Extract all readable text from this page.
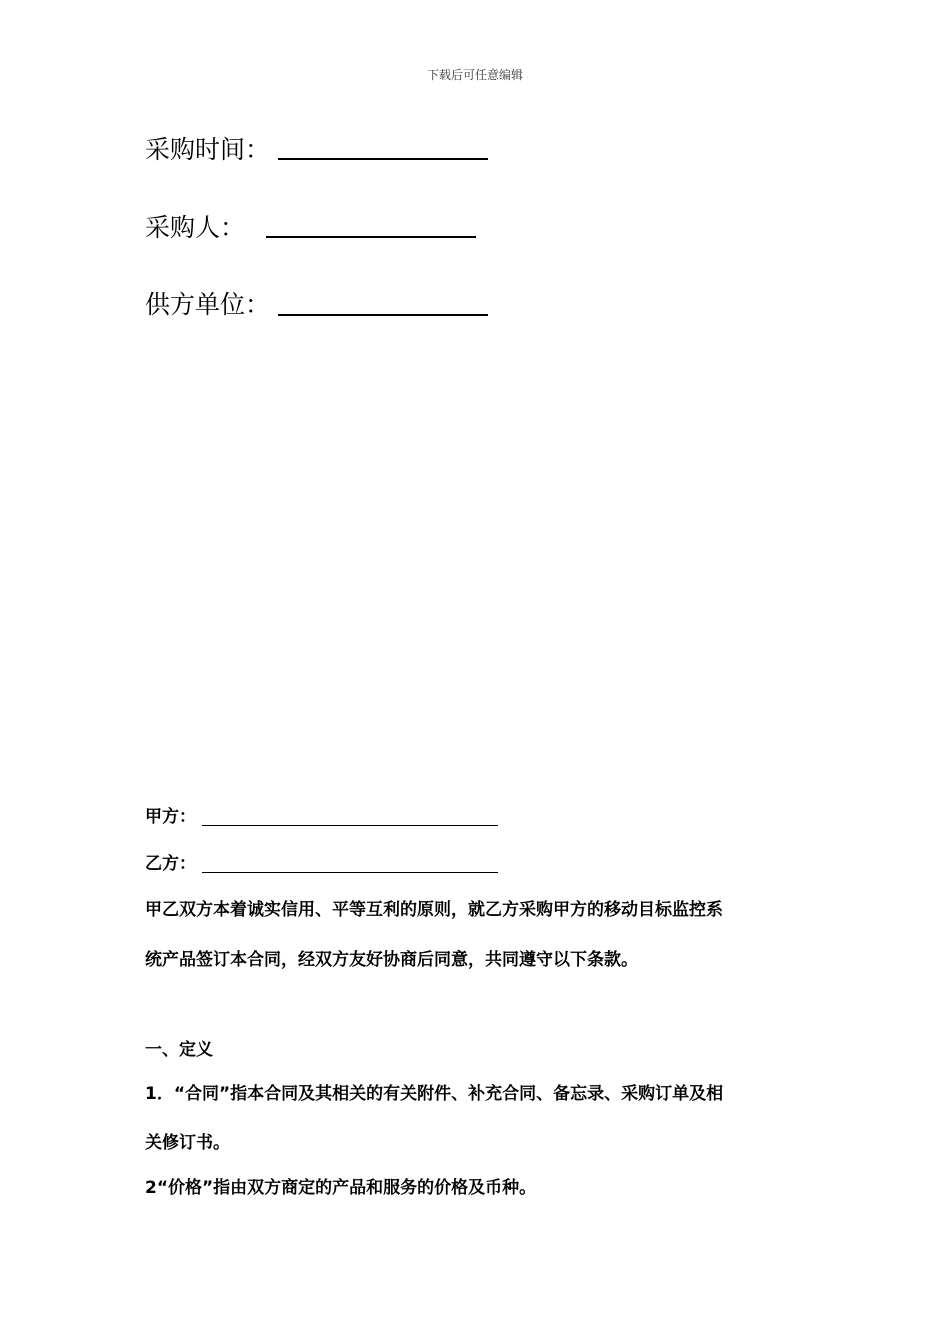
下载后可任意编辑
采购时间：
采购人：
供方单位：
甲方：
乙方：
甲乙双方本着诚实信用、平等互利的原则，就乙方采购甲方的移动目标监控系
统产品签订本合同，经双方友好协商后同意，共同遵守以下条款。
一、定义
1．“合同”指本合同及其相关的有关附件、补充合同、备忘录、采购订单及相
关修订书。
2“价格”指由双方商定的产品和服务的价格及币种。
